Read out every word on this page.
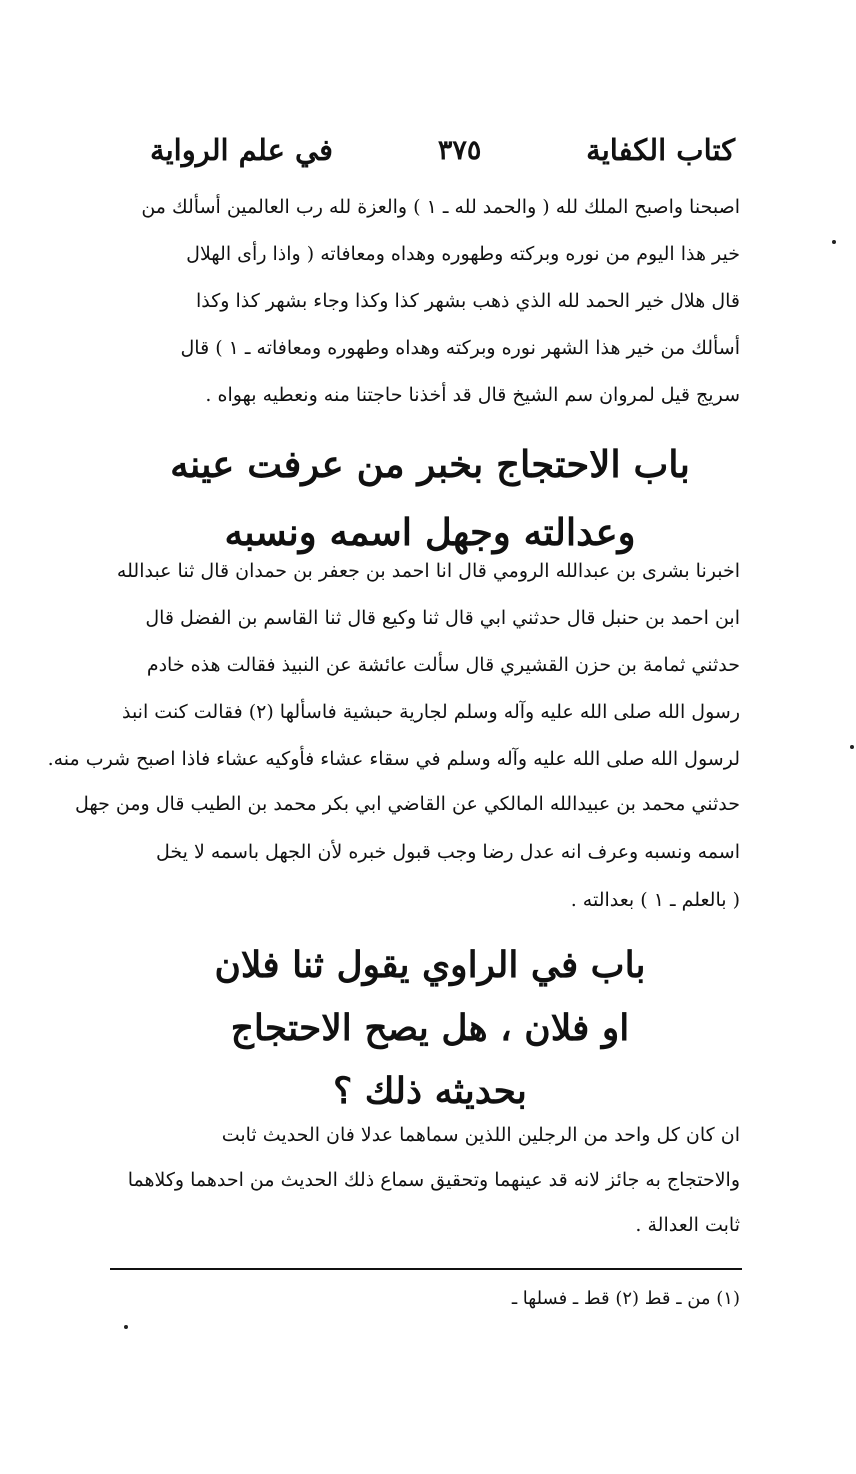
كتاب الكفاية
٣٧٥
في علم الرواية
اصبحنا واصبح الملك لله ( والحمد لله ـ ١ ) والعزة لله رب العالمين أسألك من
خير هذا اليوم من نوره وبركته وطهوره وهداه ومعافاته ( واذا رأى الهلال
قال هلال خير الحمد لله الذي ذهب بشهر كذا وكذا وجاء بشهر كذا وكذا
أسألك من خير هذا الشهر نوره وبركته وهداه وطهوره ومعافاته ـ ١ ) قال
سريج قيل لمروان سم الشيخ قال قد أخذنا حاجتنا منه ونعطيه بهواه .
باب الاحتجاج بخبر من عرفت عينه
وعدالته وجهل اسمه ونسبه
اخبرنا بشرى بن عبدالله الرومي قال انا احمد بن جعفر بن حمدان قال ثنا عبدالله
ابن احمد بن حنبل قال حدثني ابي قال ثنا وكيع قال ثنا القاسم بن الفضل قال
حدثني ثمامة بن حزن القشيري قال سألت عائشة عن النبيذ فقالت هذه خادم
رسول الله صلى الله عليه وآله وسلم لجارية حبشية فاسألها (٢) فقالت كنت انبذ
لرسول الله صلى الله عليه وآله وسلم في سقاء عشاء فأوكيه عشاء فاذا اصبح شرب منه.
حدثني محمد بن عبيدالله المالكي عن القاضي ابي بكر محمد بن الطيب قال ومن جهل
اسمه ونسبه وعرف انه عدل رضا وجب قبول خبره لأن الجهل باسمه لا يخل
( بالعلم ـ ١ ) بعدالته .
باب في الراوي يقول ثنا فلان
او فلان ، هل يصح الاحتجاج
بحديثه ذلك ؟
ان كان كل واحد من الرجلين اللذين سماهما عدلا فان الحديث ثابت
والاحتجاج به جائز لانه قد عينهما وتحقيق سماع ذلك الحديث من احدهما وكلاهما
ثابت العدالة .
(١) من ـ قط (٢) قط ـ فسلها ـ
